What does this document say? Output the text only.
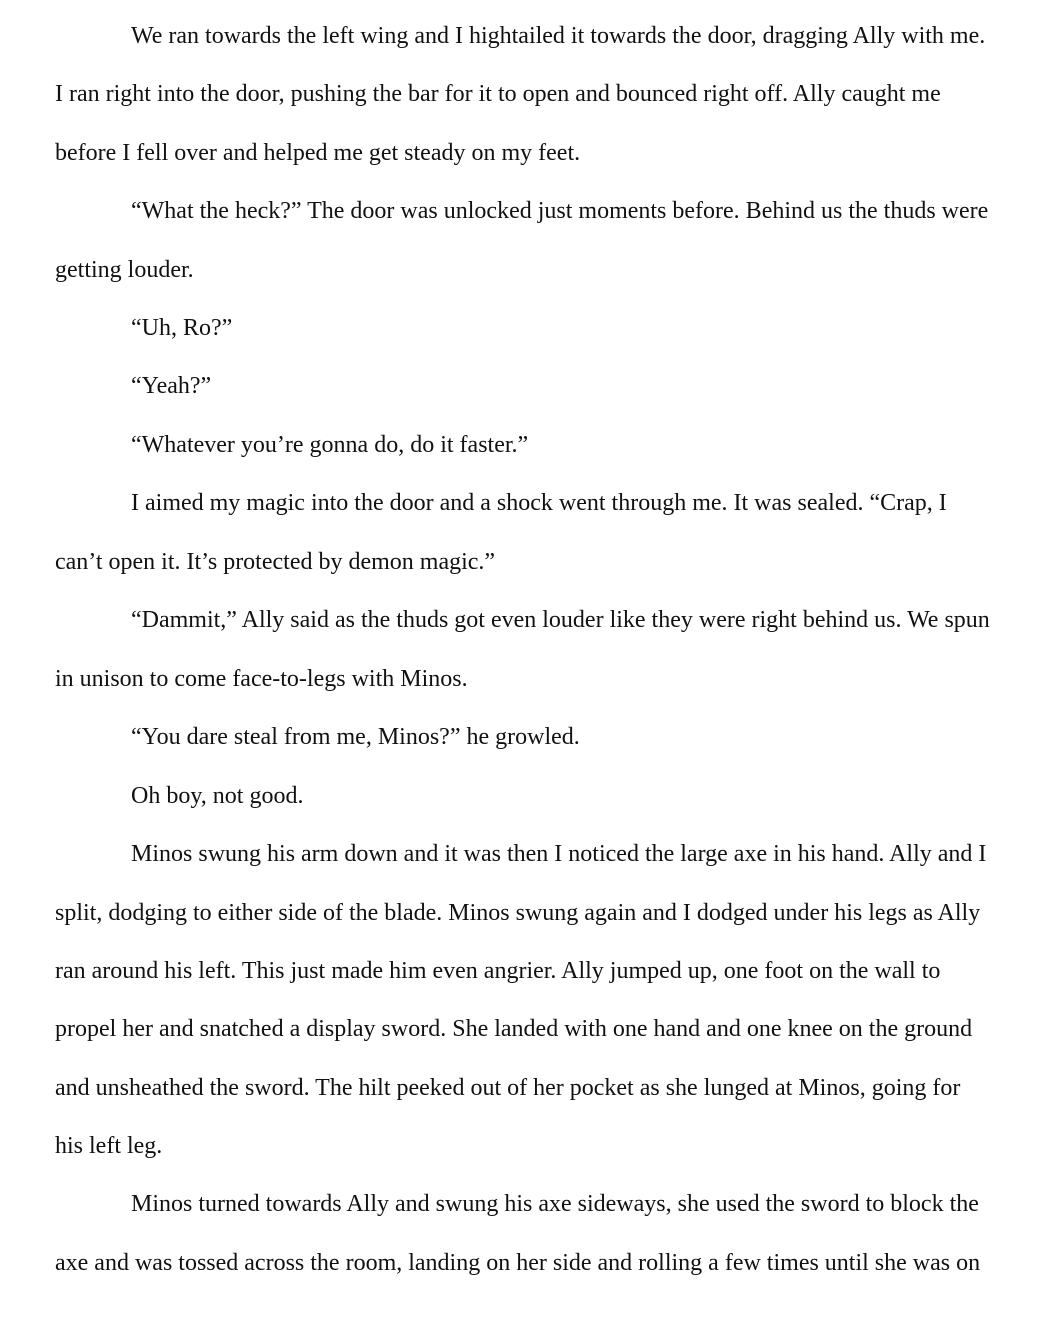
We ran towards the left wing and I hightailed it towards the door, dragging Ally with me.
I ran right into the door, pushing the bar for it to open and bounced right off. Ally caught me
before I fell over and helped me get steady on my feet.
“What the heck?” The door was unlocked just moments before. Behind us the thuds were
getting louder.
“Uh, Ro?”
“Yeah?”
“Whatever you’re gonna do, do it faster.”
I aimed my magic into the door and a shock went through me. It was sealed. “Crap, I
can’t open it. It’s protected by demon magic.”
“Dammit,” Ally said as the thuds got even louder like they were right behind us. We spun
in unison to come face-to-legs with Minos.
“You dare steal from me, Minos?” he growled.
Oh boy, not good.
Minos swung his arm down and it was then I noticed the large axe in his hand. Ally and I
split, dodging to either side of the blade. Minos swung again and I dodged under his legs as Ally
ran around his left. This just made him even angrier. Ally jumped up, one foot on the wall to
propel her and snatched a display sword. She landed with one hand and one knee on the ground
and unsheathed the sword. The hilt peeked out of her pocket as she lunged at Minos, going for
his left leg.
Minos turned towards Ally and swung his axe sideways, she used the sword to block the
axe and was tossed across the room, landing on her side and rolling a few times until she was on
